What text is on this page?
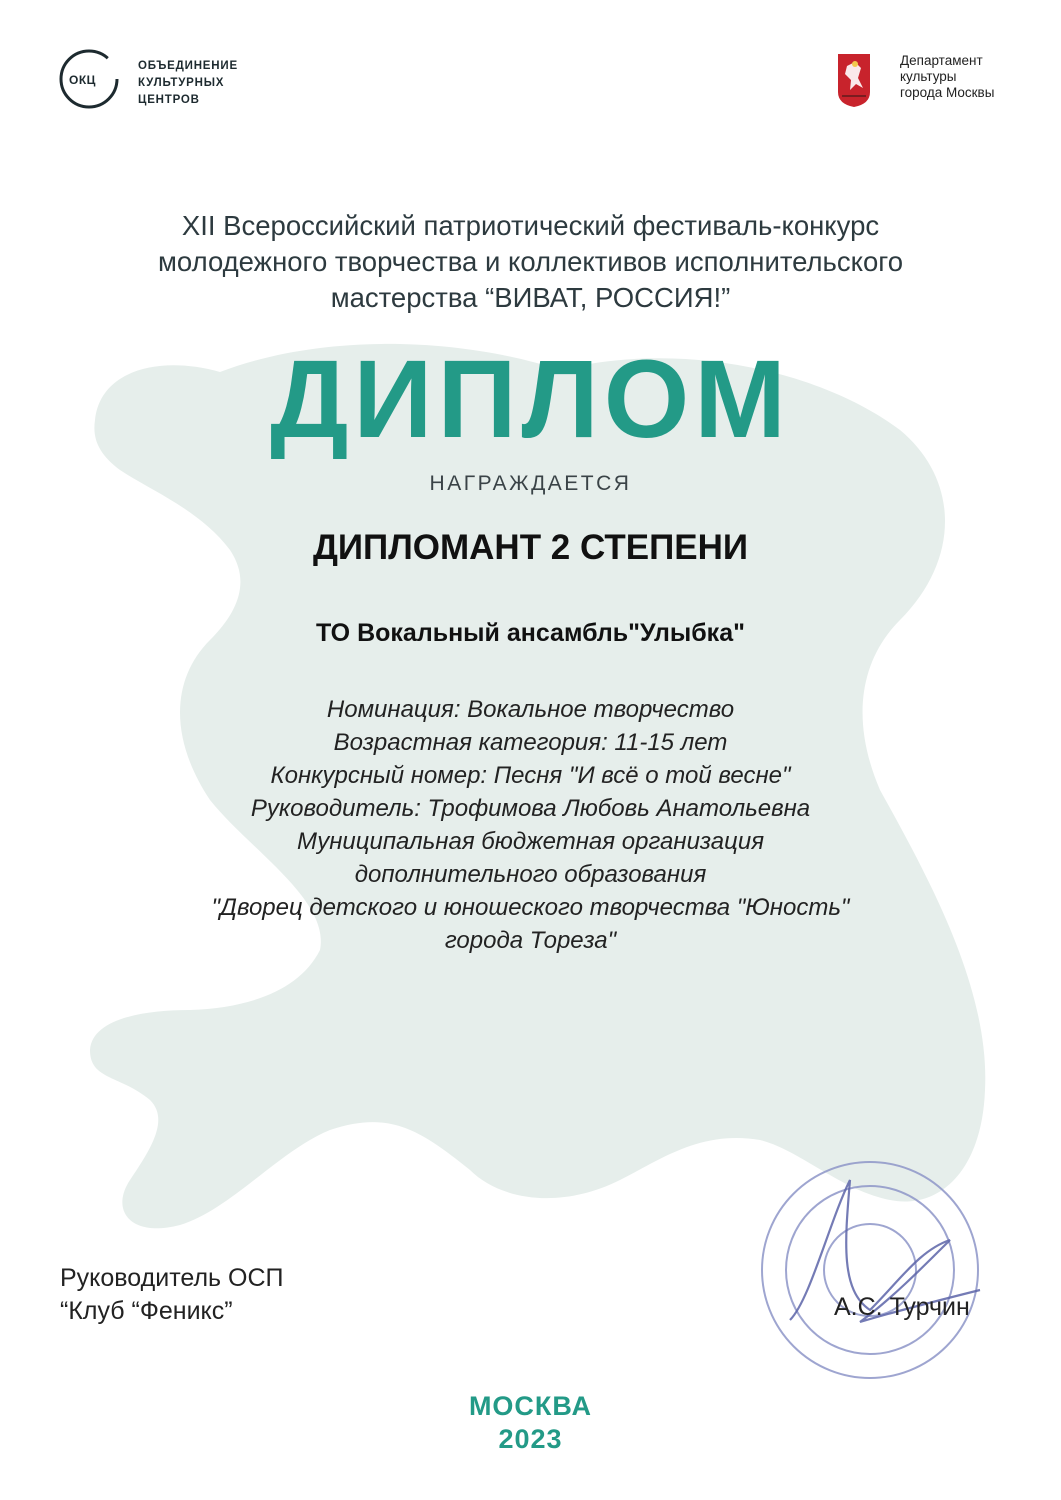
ОКЦ
ОБЪЕДИНЕНИЕ
КУЛЬТУРНЫХ
ЦЕНТРОВ
Департамент
культуры
города Москвы
XII Всероссийский патриотический фестиваль-конкурс
молодежного творчества и коллективов исполнительского
мастерства “ВИВАТ, РОССИЯ!”
ДИПЛОМ
НАГРАЖДАЕТСЯ
ДИПЛОМАНТ 2 СТЕПЕНИ
ТО Вокальный ансамбль"Улыбка"
Номинация: Вокальное творчество
Возрастная категория: 11-15 лет
Конкурсный номер: Песня "И всё о той весне"
Руководитель: Трофимова Любовь Анатольевна
Муниципальная бюджетная организация
дополнительного образования
"Дворец детского и юношеского творчества "Юность"
города Тореза"
Руководитель ОСП
“Клуб “Феникс”	А.С. Турчин
МОСКВА
2023
